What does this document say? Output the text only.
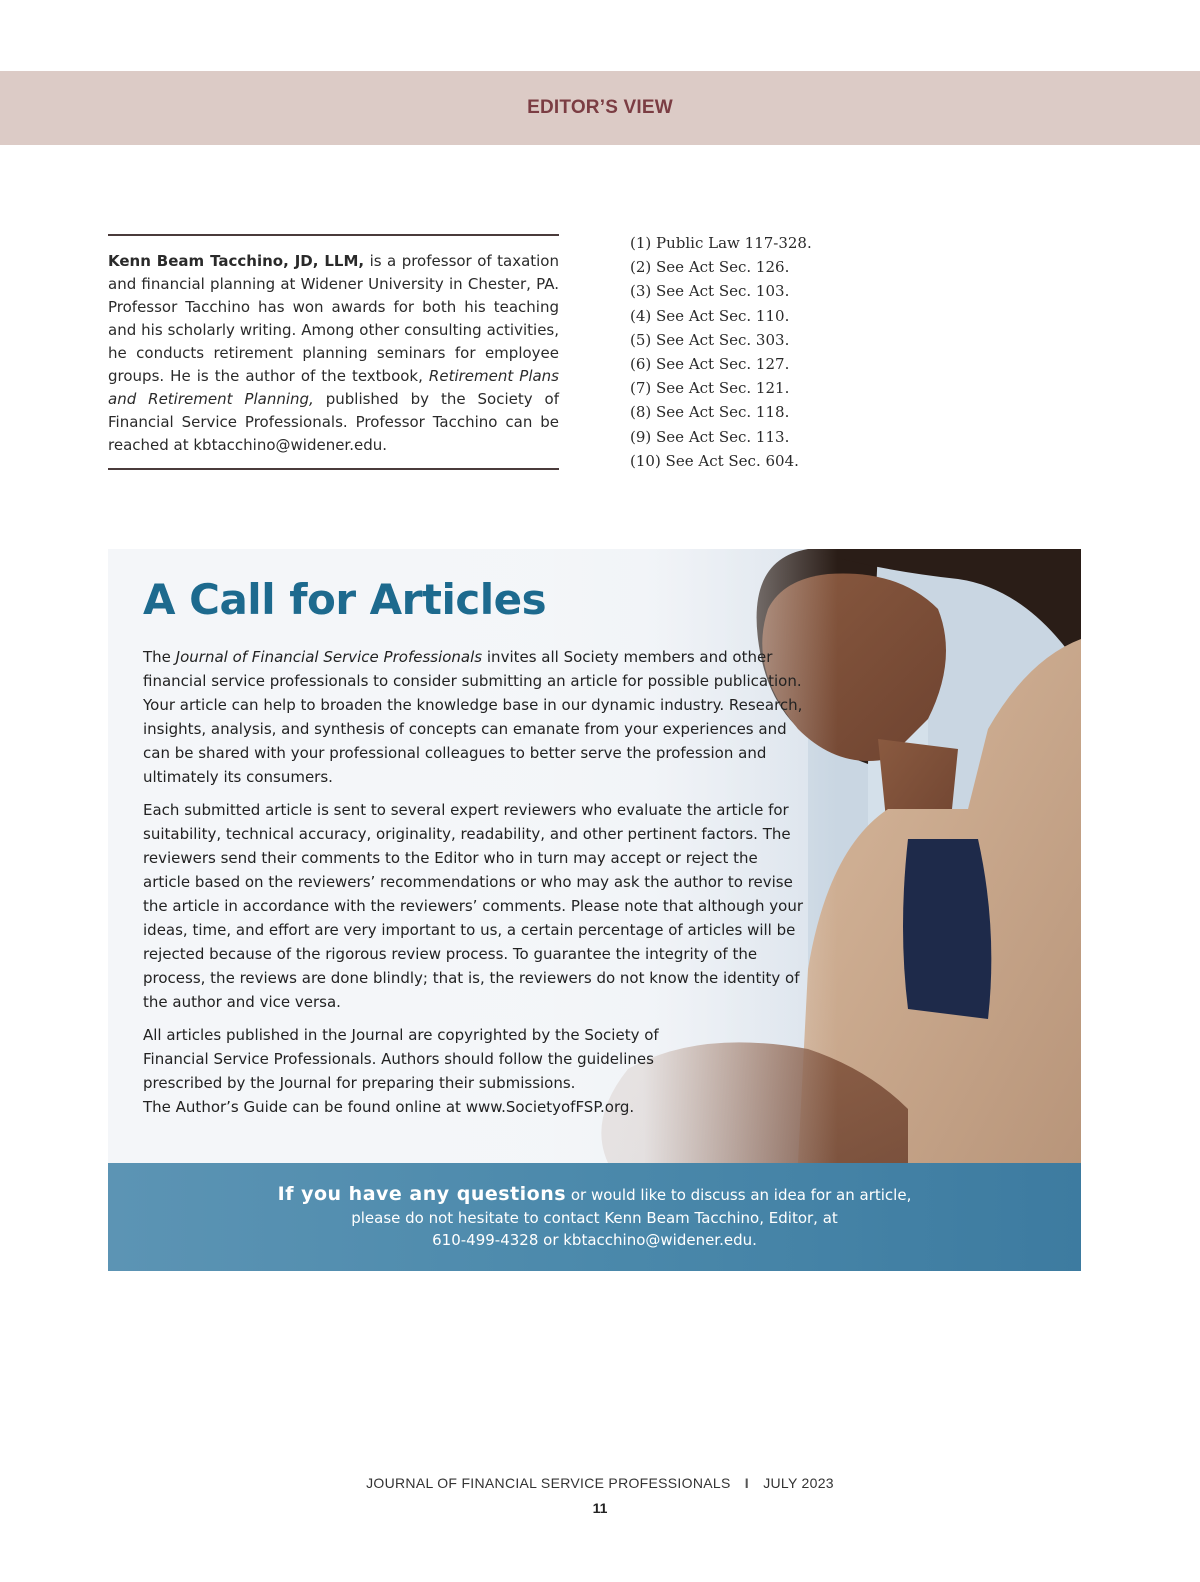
EDITOR’S VIEW

Kenn Beam Tacchino, JD, LLM, is a professor of taxation and financial planning at Widener University in Chester, PA. Professor Tacchino has won awards for both his teaching and his scholarly writing. Among other consulting activities, he conducts retirement planning seminars for employee groups. He is the author of the textbook, Retirement Plans and Retirement Planning, published by the Society of Financial Service Professionals. Professor Tacchino can be reached at kbtacchino@widener.edu.

(1) Public Law 117-328.
(2) See Act Sec. 126.
(3) See Act Sec. 103.
(4) See Act Sec. 110.
(5) See Act Sec. 303.
(6) See Act Sec. 127.
(7) See Act Sec. 121.
(8) See Act Sec. 118.
(9) See Act Sec. 113.
(10) See Act Sec. 604.
A Call for Articles

The Journal of Financial Service Professionals invites all Society members and other financial service professionals to consider submitting an article for possible publication. Your article can help to broaden the knowledge base in our dynamic industry. Research, insights, analysis, and synthesis of concepts can emanate from your experiences and can be shared with your professional colleagues to better serve the profession and ultimately its consumers.

Each submitted article is sent to several expert reviewers who evaluate the article for suitability, technical accuracy, originality, readability, and other pertinent factors. The reviewers send their comments to the Editor who in turn may accept or reject the article based on the reviewers’ recommendations or who may ask the author to revise the article in accordance with the reviewers’ comments. Please note that although your ideas, time, and effort are very important to us, a certain percentage of articles will be rejected because of the rigorous review process. To guarantee the integrity of the process, the reviews are done blindly; that is, the reviewers do not know the identity of the author and vice versa.

All articles published in the Journal are copyrighted by the Society of
Financial Service Professionals. Authors should follow the guidelines
prescribed by the Journal for preparing their submissions.
The Author’s Guide can be found online at www.SocietyofFSP.org.

If you have any questions or would like to discuss an idea for an article,
please do not hesitate to contact Kenn Beam Tacchino, Editor, at
610-499-4328 or kbtacchino@widener.edu.
JOURNAL OF FINANCIAL SERVICE PROFESSIONALS I JULY 2023
11
